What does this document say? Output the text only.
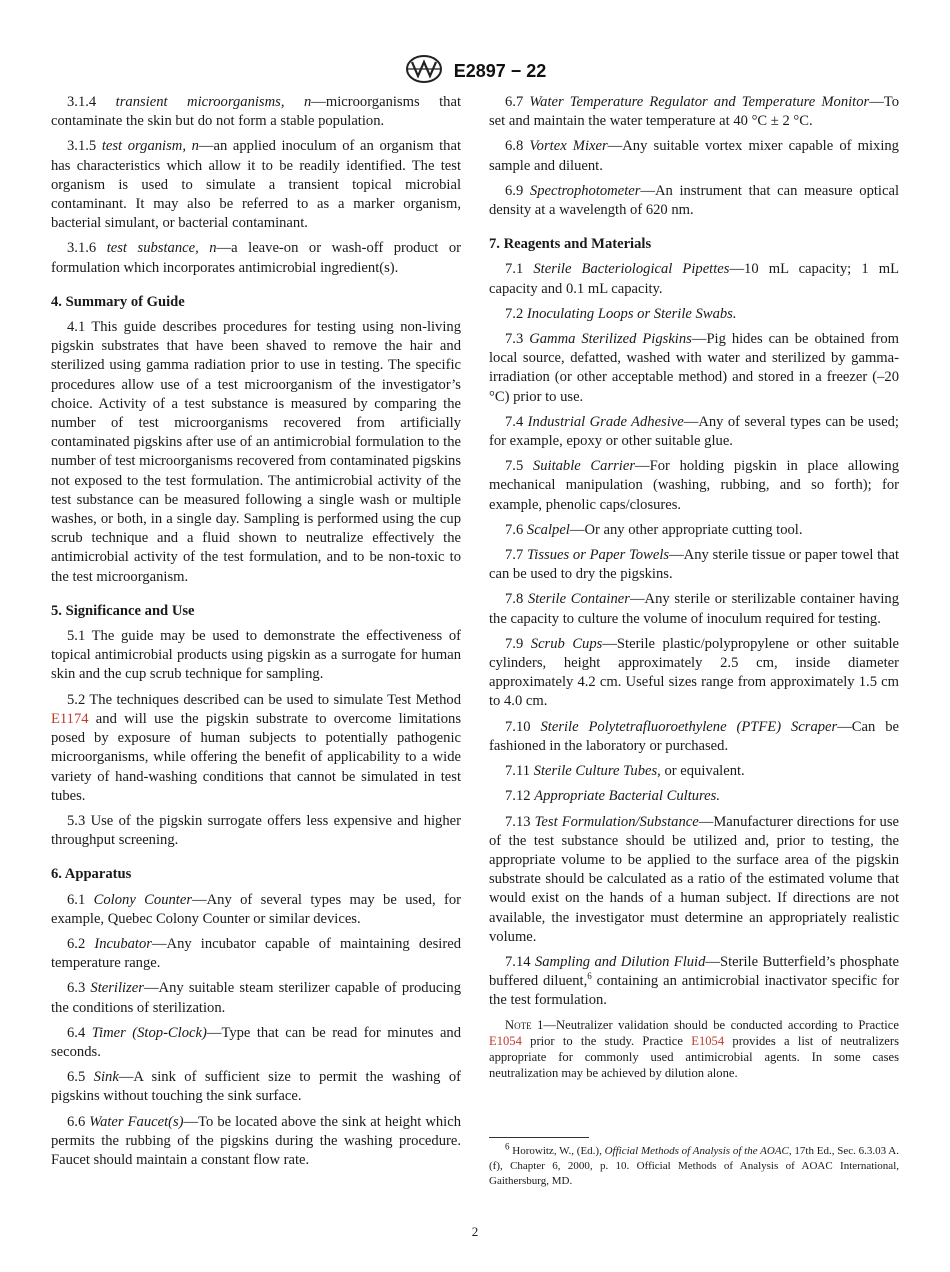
E2897 − 22

3.1.4 transient microorganisms, n—microorganisms that contaminate the skin but do not form a stable population.

3.1.5 test organism, n—an applied inoculum of an organism that has characteristics which allow it to be readily identified. The test organism is used to simulate a transient topical microbial contaminant. It may also be referred to as a marker organism, bacterial simulant, or bacterial contaminant.

3.1.6 test substance, n—a leave-on or wash-off product or formulation which incorporates antimicrobial ingredient(s).

4. Summary of Guide

4.1 This guide describes procedures for testing using non-living pigskin substrates that have been shaved to remove the hair and sterilized using gamma radiation prior to use in testing. The specific procedures allow use of a test microorganism of the investigator’s choice. Activity of a test substance is measured by comparing the number of test microorganisms recovered from artificially contaminated pigskins after use of an antimicrobial formulation to the number of test microorganisms recovered from contaminated pigskins not exposed to the test formulation. The antimicrobial activity of the test substance can be measured following a single wash or multiple washes, or both, in a single day. Sampling is performed using the cup scrub technique and a fluid shown to neutralize effectively the antimicrobial activity of the test formulation, and to be non-toxic to the test microorganism.

5. Significance and Use

5.1 The guide may be used to demonstrate the effectiveness of topical antimicrobial products using pigskin as a surrogate for human skin and the cup scrub technique for sampling.

5.2 The techniques described can be used to simulate Test Method E1174 and will use the pigskin substrate to overcome limitations posed by exposure of human subjects to potentially pathogenic microorganisms, while offering the benefit of applicability to a wide variety of hand-washing conditions that cannot be simulated in test tubes.

5.3 Use of the pigskin surrogate offers less expensive and higher throughput screening.

6. Apparatus

6.1 Colony Counter—Any of several types may be used, for example, Quebec Colony Counter or similar devices.

6.2 Incubator—Any incubator capable of maintaining desired temperature range.

6.3 Sterilizer—Any suitable steam sterilizer capable of producing the conditions of sterilization.

6.4 Timer (Stop-Clock)—Type that can be read for minutes and seconds.

6.5 Sink—A sink of sufficient size to permit the washing of pigskins without touching the sink surface.

6.6 Water Faucet(s)—To be located above the sink at height which permits the rubbing of the pigskins during the washing procedure. Faucet should maintain a constant flow rate.

6.7 Water Temperature Regulator and Temperature Monitor—To set and maintain the water temperature at 40 °C ± 2 °C.

6.8 Vortex Mixer—Any suitable vortex mixer capable of mixing sample and diluent.

6.9 Spectrophotometer—An instrument that can measure optical density at a wavelength of 620 nm.

7. Reagents and Materials

7.1 Sterile Bacteriological Pipettes—10 mL capacity; 1 mL capacity and 0.1 mL capacity.

7.2 Inoculating Loops or Sterile Swabs.

7.3 Gamma Sterilized Pigskins—Pig hides can be obtained from local source, defatted, washed with water and sterilized by gamma-irradiation (or other acceptable method) and stored in a freezer (–20 °C) prior to use.

7.4 Industrial Grade Adhesive—Any of several types can be used; for example, epoxy or other suitable glue.

7.5 Suitable Carrier—For holding pigskin in place allowing mechanical manipulation (washing, rubbing, and so forth); for example, phenolic caps/closures.

7.6 Scalpel—Or any other appropriate cutting tool.

7.7 Tissues or Paper Towels—Any sterile tissue or paper towel that can be used to dry the pigskins.

7.8 Sterile Container—Any sterile or sterilizable container having the capacity to culture the volume of inoculum required for testing.

7.9 Scrub Cups—Sterile plastic/polypropylene or other suitable cylinders, height approximately 2.5 cm, inside diameter approximately 4.2 cm. Useful sizes range from approximately 1.5 cm to 4.0 cm.

7.10 Sterile Polytetrafluoroethylene (PTFE) Scraper—Can be fashioned in the laboratory or purchased.

7.11 Sterile Culture Tubes, or equivalent.

7.12 Appropriate Bacterial Cultures.

7.13 Test Formulation/Substance—Manufacturer directions for use of the test substance should be utilized and, prior to testing, the appropriate volume to be applied to the surface area of the pigskin substrate should be calculated as a ratio of the estimated volume that would exist on the hands of a human subject. If directions are not available, the investigator must determine an appropriately realistic volume.

7.14 Sampling and Dilution Fluid—Sterile Butterfield’s phosphate buffered diluent,$^6$ containing an antimicrobial inactivator specific for the test formulation.

Note 1—Neutralizer validation should be conducted according to Practice E1054 prior to the study. Practice E1054 provides a list of neutralizers appropriate for commonly used antimicrobial agents. In some cases neutralization may be achieved by dilution alone.

$^6$ Horowitz, W., (Ed.), Official Methods of Analysis of the AOAC, 17th Ed., Sec. 6.3.03 A.(f), Chapter 6, 2000, p. 10. Official Methods of Analysis of AOAC International, Gaithersburg, MD.

2
